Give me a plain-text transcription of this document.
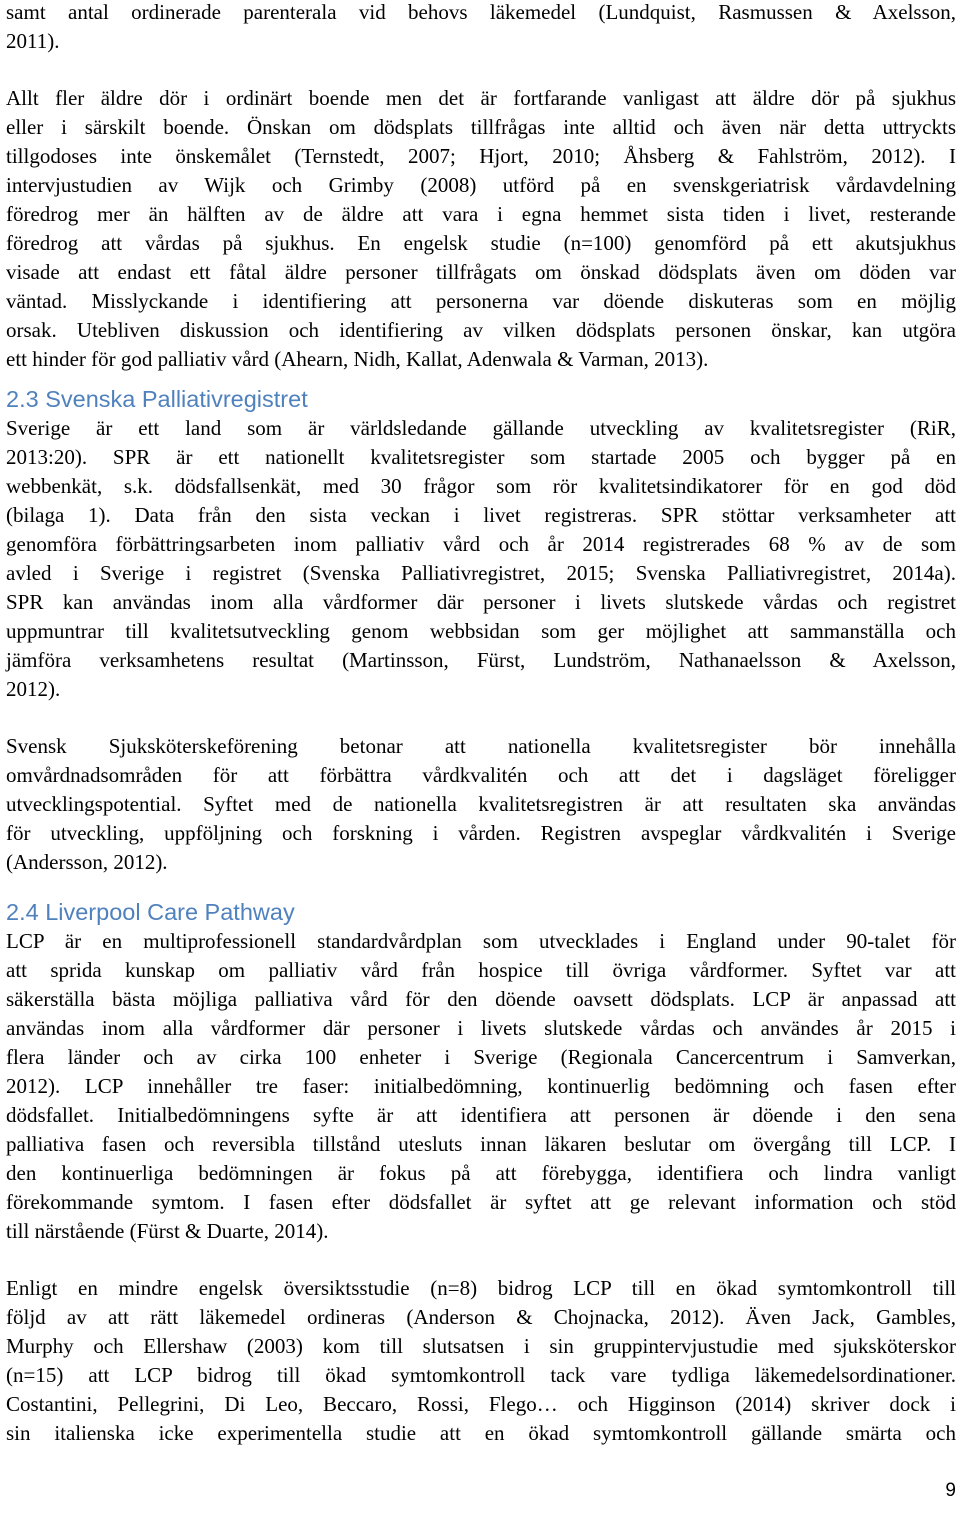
samt antal ordinerade parenterala vid behovs läkemedel (Lundquist, Rasmussen & Axelsson,
2011).

Allt fler äldre dör i ordinärt boende men det är fortfarande vanligast att äldre dör på sjukhus
eller i särskilt boende. Önskan om dödsplats tillfrågas inte alltid och även när detta uttryckts
tillgodoses inte önskemålet (Ternstedt, 2007; Hjort, 2010; Åhsberg & Fahlström, 2012). I
intervjustudien av Wijk och Grimby (2008) utförd på en svenskgeriatrisk vårdavdelning
föredrog mer än hälften av de äldre att vara i egna hemmet sista tiden i livet, resterande
föredrog att vårdas på sjukhus. En engelsk studie (n=100) genomförd på ett akutsjukhus
visade att endast ett fåtal äldre personer tillfrågats om önskad dödsplats även om döden var
väntad. Misslyckande i identifiering att personerna var döende diskuteras som en möjlig
orsak. Utebliven diskussion och identifiering av vilken dödsplats personen önskar, kan utgöra
ett hinder för god palliativ vård (Ahearn, Nidh, Kallat, Adenwala & Varman, 2013).

2.3 Svenska Palliativregistret

Sverige är ett land som är världsledande gällande utveckling av kvalitetsregister (RiR,
2013:20). SPR är ett nationellt kvalitetsregister som startade 2005 och bygger på en
webbenkät, s.k. dödsfallsenkät, med 30 frågor som rör kvalitetsindikatorer för en god död
(bilaga 1). Data från den sista veckan i livet registreras. SPR stöttar verksamheter att
genomföra förbättringsarbeten inom palliativ vård och år 2014 registrerades 68 % av de som
avled i Sverige i registret (Svenska Palliativregistret, 2015; Svenska Palliativregistret, 2014a).
SPR kan användas inom alla vårdformer där personer i livets slutskede vårdas och registret
uppmuntrar till kvalitetsutveckling genom webbsidan som ger möjlighet att sammanställa och
jämföra verksamhetens resultat (Martinsson, Fürst, Lundström, Nathanaelsson & Axelsson,
2012).

Svensk Sjuksköterskeförening betonar att nationella kvalitetsregister bör innehålla
omvårdnadsområden för att förbättra vårdkvalitén och att det i dagsläget föreligger
utvecklingspotential. Syftet med de nationella kvalitetsregistren är att resultaten ska användas
för utveckling, uppföljning och forskning i vården. Registren avspeglar vårdkvalitén i Sverige
(Andersson, 2012).

2.4 Liverpool Care Pathway

LCP är en multiprofessionell standardvårdplan som utvecklades i England under 90-talet för
att sprida kunskap om palliativ vård från hospice till övriga vårdformer. Syftet var att
säkerställa bästa möjliga palliativa vård för den döende oavsett dödsplats. LCP är anpassad att
användas inom alla vårdformer där personer i livets slutskede vårdas och användes år 2015 i
flera länder och av cirka 100 enheter i Sverige (Regionala Cancercentrum i Samverkan,
2012). LCP innehåller tre faser: initialbedömning, kontinuerlig bedömning och fasen efter
dödsfallet. Initialbedömningens syfte är att identifiera att personen är döende i den sena
palliativa fasen och reversibla tillstånd utesluts innan läkaren beslutar om övergång till LCP. I
den kontinuerliga bedömningen är fokus på att förebygga, identifiera och lindra vanligt
förekommande symtom. I fasen efter dödsfallet är syftet att ge relevant information och stöd
till närstående (Fürst & Duarte, 2014).

Enligt en mindre engelsk översiktsstudie (n=8) bidrog LCP till en ökad symtomkontroll till
följd av att rätt läkemedel ordineras (Anderson & Chojnacka, 2012). Även Jack, Gambles,
Murphy och Ellershaw (2003) kom till slutsatsen i sin gruppintervjustudie med sjuksköterskor
(n=15) att LCP bidrog till ökad symtomkontroll tack vare tydliga läkemedelsordinationer.
Costantini, Pellegrini, Di Leo, Beccaro, Rossi, Flego… och Higginson (2014) skriver dock i
sin italienska icke experimentella studie att en ökad symtomkontroll gällande smärta och

9
